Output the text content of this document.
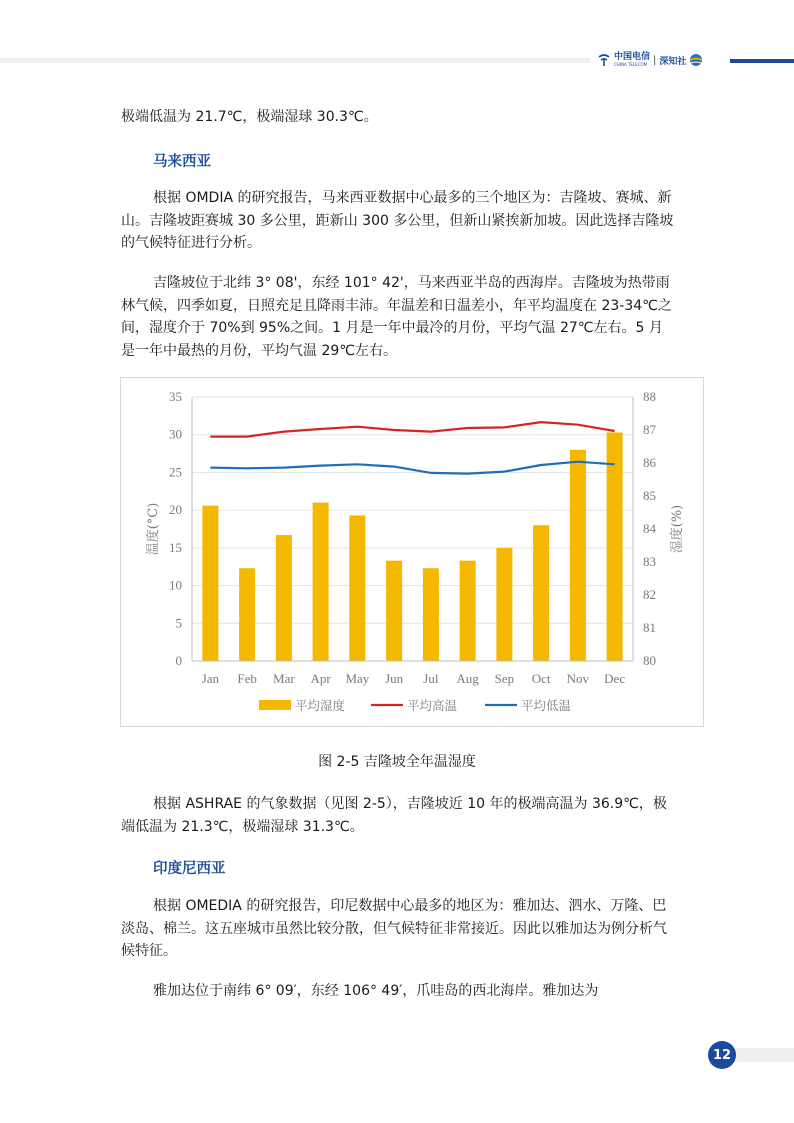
中国电信
CHINA TELECOM | 深知社

极端低温为 21.7℃，极端湿球 30.3℃。

马来西亚

根据 OMDIA 的研究报告，马来西亚数据中心最多的三个地区为：吉隆坡、赛城、新山。吉隆坡距赛城 30 多公里，距新山 300 多公里，但新山紧挨新加坡。因此选择吉隆坡的气候特征进行分析。

吉隆坡位于北纬 3° 08'，东经 101° 42'，马来西亚半岛的西海岸。吉隆坡为热带雨林气候，四季如夏，日照充足且降雨丰沛。年温差和日温差小，年平均温度在 23-34℃之间，湿度介于 70%到 95%之间。1 月是一年中最冷的月份，平均气温 27℃左右。5 月是一年中最热的月份，平均气温 29℃左右。

0
5
10
15
20
25
30
35
80
81
82
83
84
85
86
87
88
Jan Feb Mar Apr May Jun Jul Aug Sep Oct Nov Dec
温度(°C)	湿度(%)
平均湿度	平均高温	平均低温

图 2-5 吉隆坡全年温湿度

根据 ASHRAE 的气象数据（见图 2-5），吉隆坡近 10 年的极端高温为 36.9℃，极端低温为 21.3℃，极端湿球 31.3℃。

印度尼西亚

根据 OMEDIA 的研究报告，印尼数据中心最多的地区为：雅加达、泗水、万隆、巴淡岛、棉兰。这五座城市虽然比较分散，但气候特征非常接近。因此以雅加达为例分析气候特征。

雅加达位于南纬 6° 09′，东经 106° 49′，爪哇岛的西北海岸。雅加达为

12
